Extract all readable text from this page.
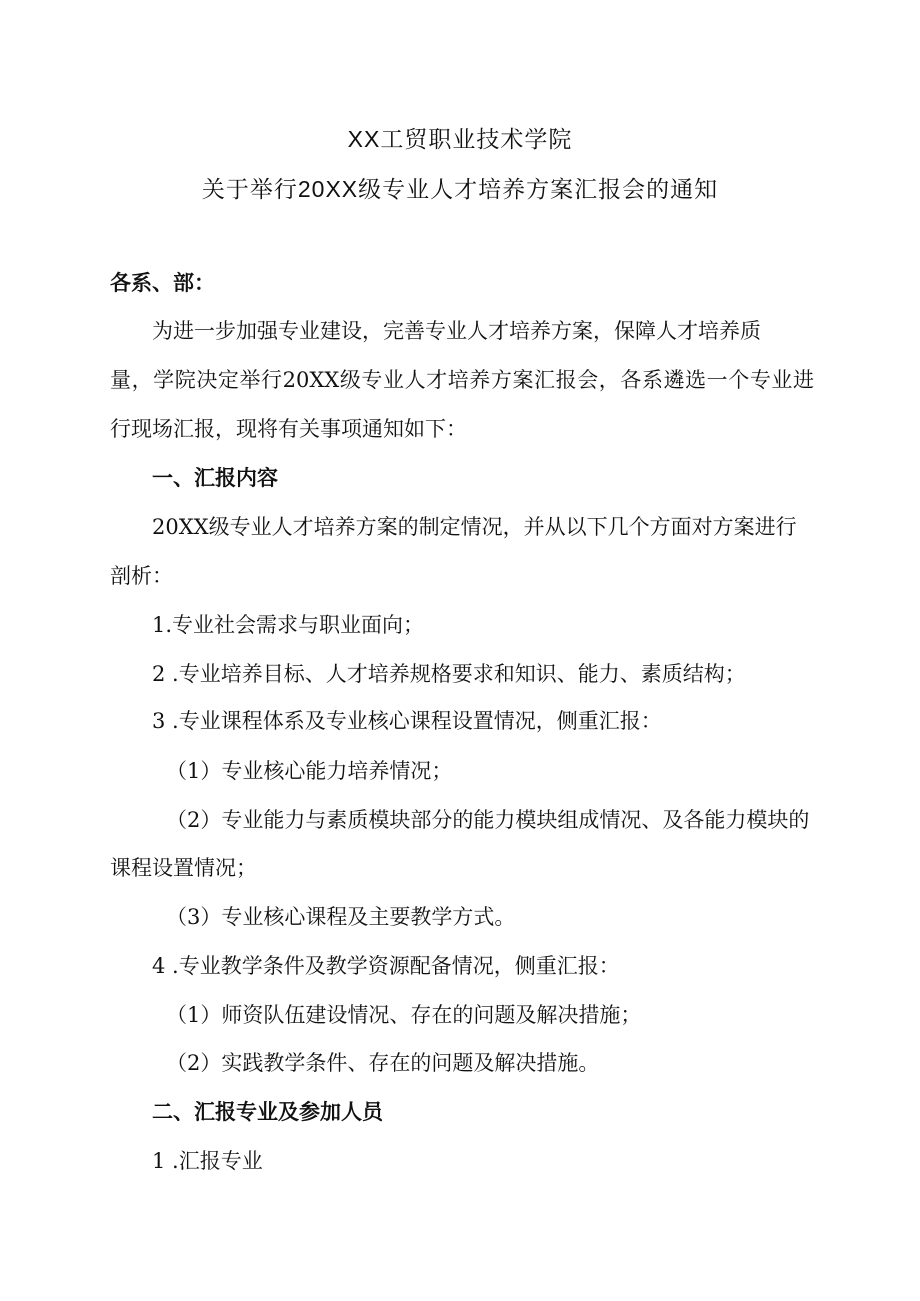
XX工贸职业技术学院
关于举行20XX级专业人才培养方案汇报会的通知
各系、部：
为进一步加强专业建设，完善专业人才培养方案，保障人才培养质
量，学院决定举行20XX级专业人才培养方案汇报会，各系遴选一个专业进
行现场汇报，现将有关事项通知如下：
一、汇报内容
20XX级专业人才培养方案的制定情况，并从以下几个方面对方案进行
剖析：
1.专业社会需求与职业面向；
2 .专业培养目标、人才培养规格要求和知识、能力、素质结构；
3 .专业课程体系及专业核心课程设置情况，侧重汇报：
（1）专业核心能力培养情况；
（2）专业能力与素质模块部分的能力模块组成情况、及各能力模块的
课程设置情况；
（3）专业核心课程及主要教学方式。
4 .专业教学条件及教学资源配备情况，侧重汇报：
（1）师资队伍建设情况、存在的问题及解决措施；
（2）实践教学条件、存在的问题及解决措施。
二、汇报专业及参加人员
1 .汇报专业
